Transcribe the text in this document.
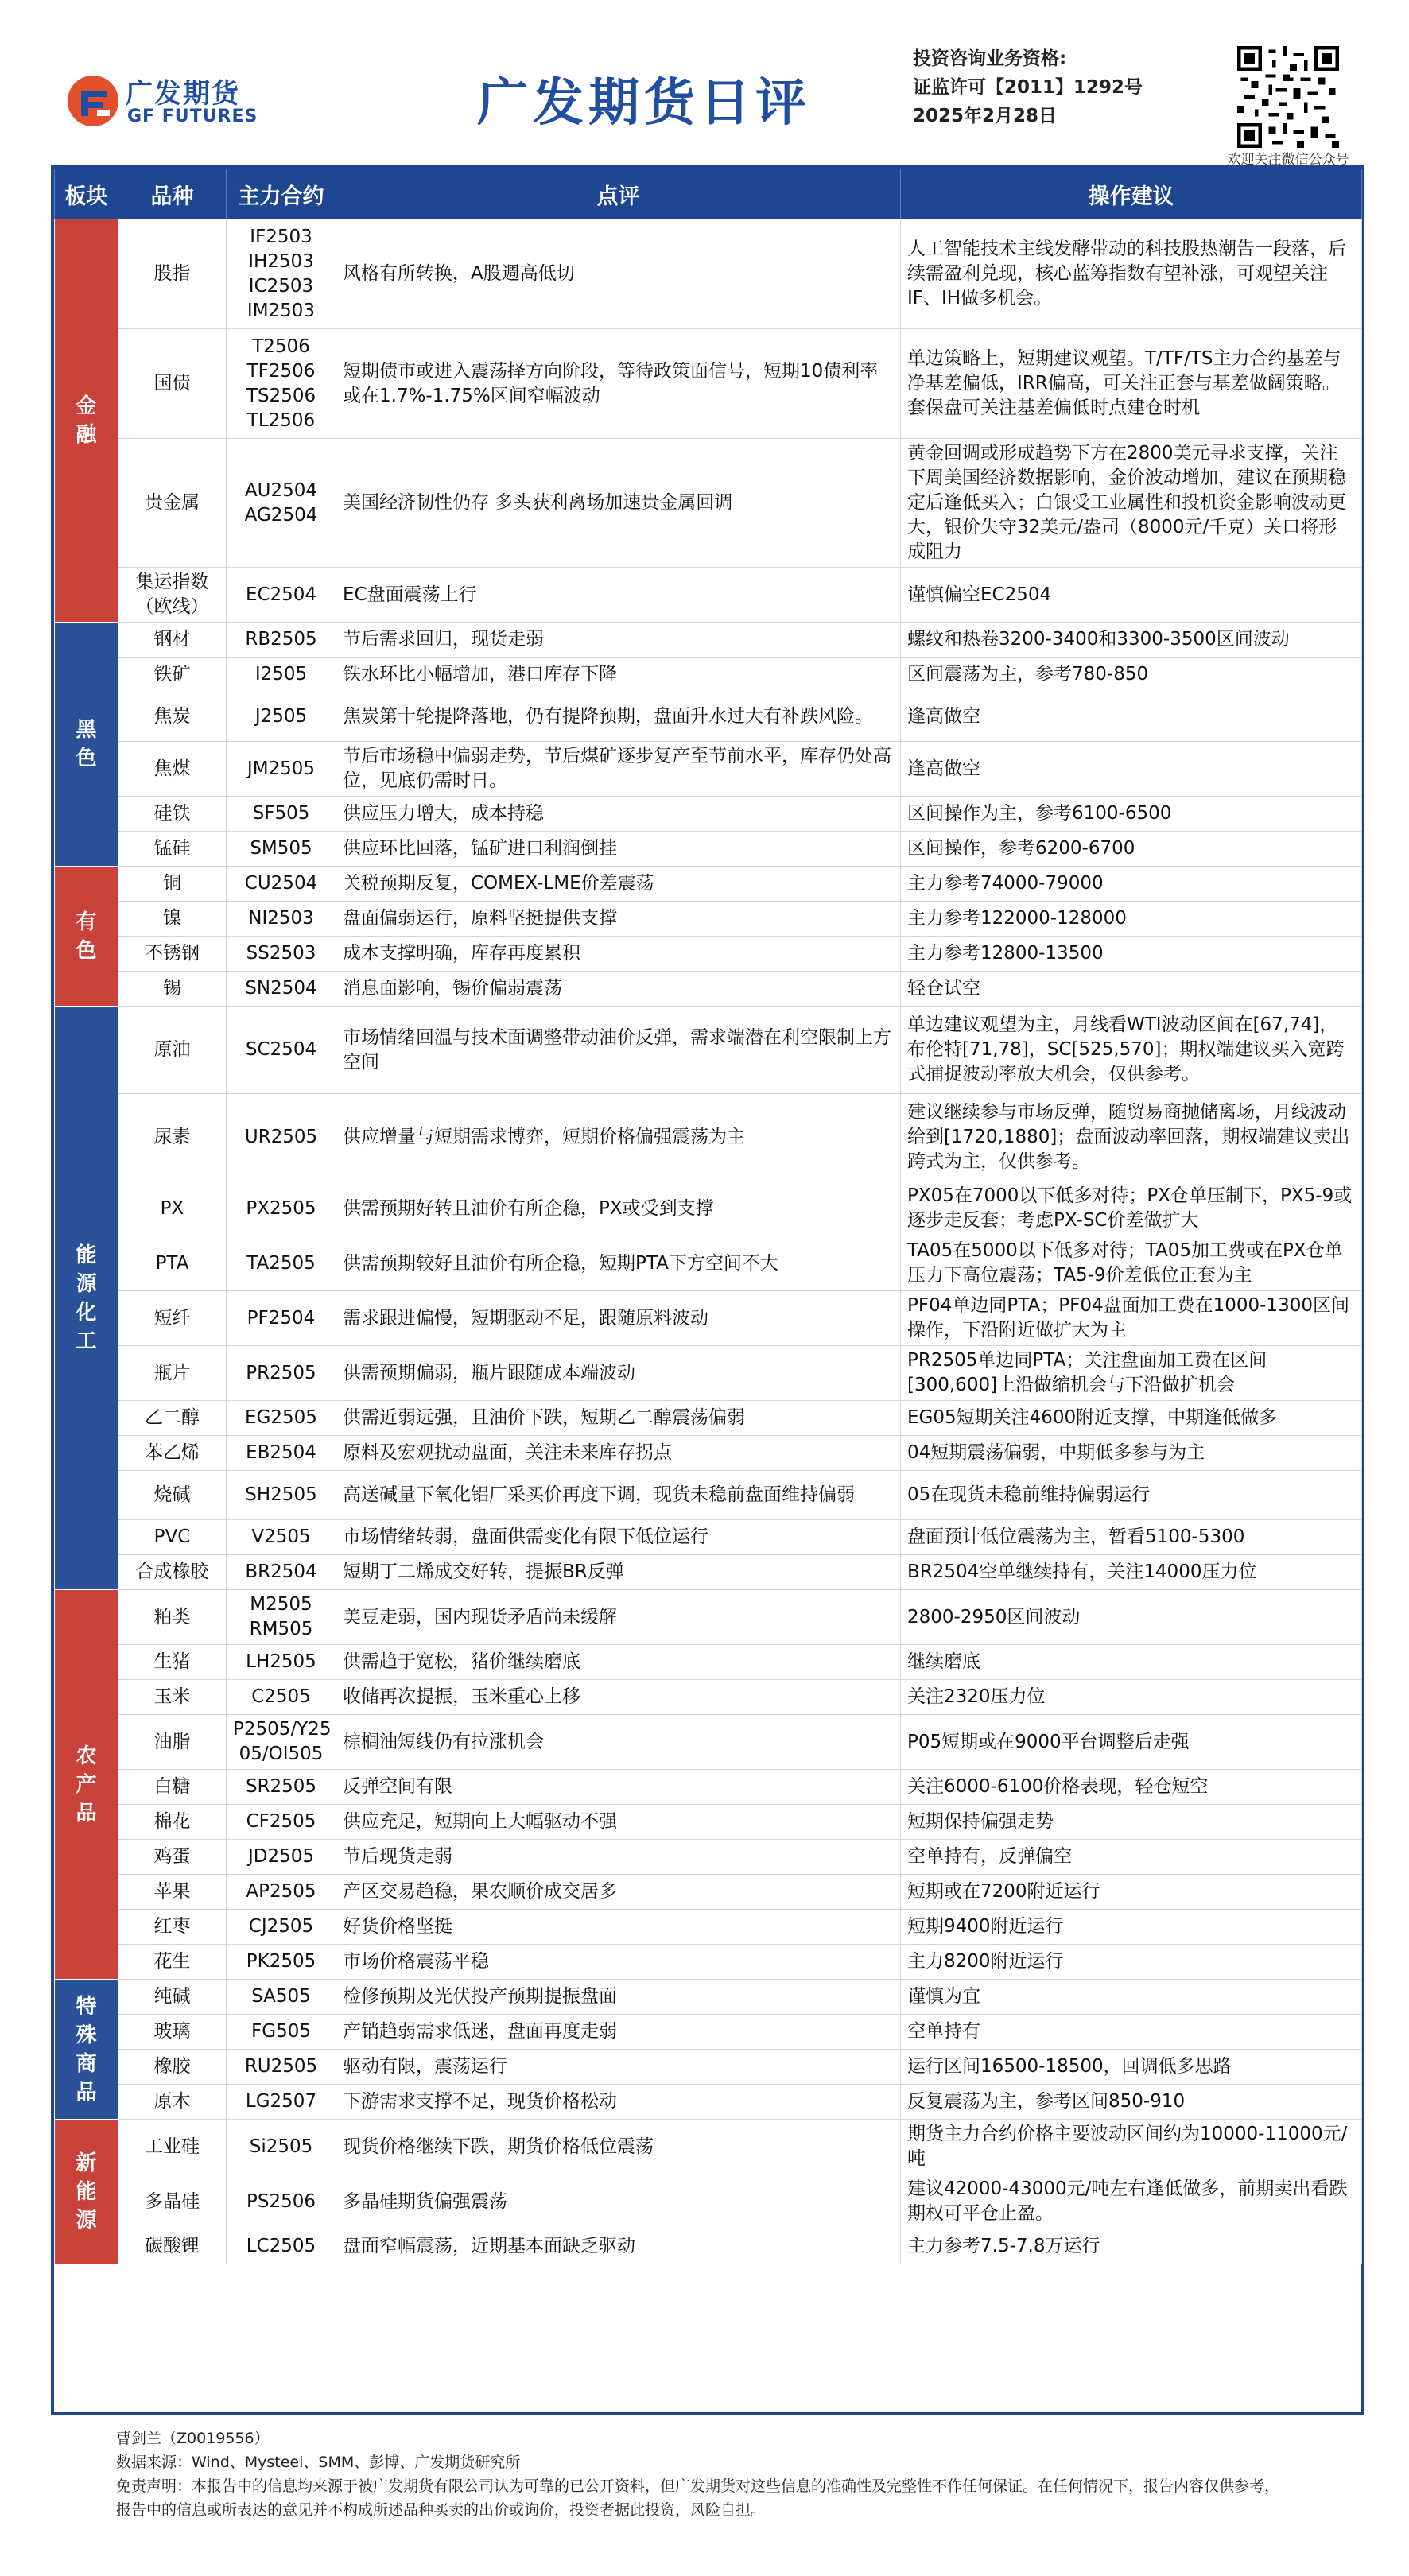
广发期货
GF FUTURES	广发期货日评
投资咨询业务资格:
证监许可【2011】1292号
2025年2月28日
欢迎关注微信公众号
板块	品种	主力合约	点评	操作建议
金融	股指	IF2503
IH2503
IC2503
IM2503	风格有所转换，A股週高低切	人工智能技术主线发酵带动的科技股热潮告一段落，后续需盈利兑现，核心蓝筹指数有望补涨，可观望关注IF、IH做多机会。
	国债	T2506
TF2506
TS2506
TL2506	短期债市或进入震荡择方向阶段，等待政策面信号，短期10债利率或在1.7%-1.75%区间窄幅波动	单边策略上，短期建议观望。T/TF/TS主力合约基差与净基差偏低，IRR偏高，可关注正套与基差做阔策略。套保盘可关注基差偏低时点建仓时机
	贵金属	AU2504
AG2504	美国经济韧性仍存 多头获利离场加速贵金属回调	黄金回调或形成趋势下方在2800美元寻求支撑，关注下周美国经济数据影响，金价波动增加，建议在预期稳定后逢低买入；白银受工业属性和投机资金影响波动更大，银价失守32美元/盎司（8000元/千克）关口将形成阻力
	集运指数（欧线）	EC2504	EC盘面震荡上行	谨慎偏空EC2504
黑色	钢材	RB2505	节后需求回归，现货走弱	螺纹和热卷3200-3400和3300-3500区间波动
	铁矿	I2505	铁水环比小幅增加，港口库存下降	区间震荡为主，参考780-850
	焦炭	J2505	焦炭第十轮提降落地，仍有提降预期，盘面升水过大有补跌风险。	逢高做空
	焦煤	JM2505	节后市场稳中偏弱走势，节后煤矿逐步复产至节前水平，库存仍处高位，见底仍需时日。	逢高做空
	硅铁	SF505	供应压力增大，成本持稳	区间操作为主，参考6100-6500
	锰硅	SM505	供应环比回落，锰矿进口利润倒挂	区间操作，参考6200-6700
有色	铜	CU2504	关税预期反复，COMEX-LME价差震荡	主力参考74000-79000
	镍	NI2503	盘面偏弱运行，原料坚挺提供支撑	主力参考122000-128000
	不锈钢	SS2503	成本支撑明确，库存再度累积	主力参考12800-13500
	锡	SN2504	消息面影响，锡价偏弱震荡	轻仓试空
能源化工	原油	SC2504	市场情绪回温与技术面调整带动油价反弹，需求端潜在利空限制上方空间	单边建议观望为主，月线看WTI波动区间在[67,74]，布伦特[71,78]，SC[525,570]；期权端建议买入宽跨式捕捉波动率放大机会，仅供参考。
	尿素	UR2505	供应增量与短期需求博弈，短期价格偏强震荡为主	建议继续参与市场反弹，随贸易商抛储离场，月线波动给到[1720,1880]；盘面波动率回落，期权端建议卖出跨式为主，仅供参考。
	PX	PX2505	供需预期好转且油价有所企稳，PX或受到支撑	PX05在7000以下低多对待；PX仓单压制下，PX5-9或逐步走反套；考虑PX-SC价差做扩大
	PTA	TA2505	供需预期较好且油价有所企稳，短期PTA下方空间不大	TA05在5000以下低多对待；TA05加工费或在PX仓单压力下高位震荡；TA5-9价差低位正套为主
	短纤	PF2504	需求跟进偏慢，短期驱动不足，跟随原料波动	PF04单边同PTA；PF04盘面加工费在1000-1300区间操作，下沿附近做扩大为主
	瓶片	PR2505	供需预期偏弱，瓶片跟随成本端波动	PR2505单边同PTA；关注盘面加工费在区间[300,600]上沿做缩机会与下沿做扩机会
	乙二醇	EG2505	供需近弱远强，且油价下跌，短期乙二醇震荡偏弱	EG05短期关注4600附近支撑，中期逢低做多
	苯乙烯	EB2504	原料及宏观扰动盘面，关注未来库存拐点	04短期震荡偏弱，中期低多参与为主
	烧碱	SH2505	高送碱量下氧化铝厂采买价再度下调，现货未稳前盘面维持偏弱	05在现货未稳前维持偏弱运行
	PVC	V2505	市场情绪转弱，盘面供需变化有限下低位运行	盘面预计低位震荡为主，暂看5100-5300
	合成橡胶	BR2504	短期丁二烯成交好转，提振BR反弹	BR2504空单继续持有，关注14000压力位
农产品	粕类	M2505
RM505	美豆走弱，国内现货矛盾尚未缓解	2800-2950区间波动
	生猪	LH2505	供需趋于宽松，猪价继续磨底	继续磨底
	玉米	C2505	收储再次提振，玉米重心上移	关注2320压力位
	油脂	P2505/Y25
05/OI505	棕榈油短线仍有拉涨机会	P05短期或在9000平台调整后走强
	白糖	SR2505	反弹空间有限	关注6000-6100价格表现，轻仓短空
	棉花	CF2505	供应充足，短期向上大幅驱动不强	短期保持偏强走势
	鸡蛋	JD2505	节后现货走弱	空单持有，反弹偏空
	苹果	AP2505	产区交易趋稳，果农顺价成交居多	短期或在7200附近运行
	红枣	CJ2505	好货价格坚挺	短期9400附近运行
	花生	PK2505	市场价格震荡平稳	主力8200附近运行
特殊商品	纯碱	SA505	检修预期及光伏投产预期提振盘面	谨慎为宜
	玻璃	FG505	产销趋弱需求低迷，盘面再度走弱	空单持有
	橡胶	RU2505	驱动有限，震荡运行	运行区间16500-18500，回调低多思路
	原木	LG2507	下游需求支撑不足，现货价格松动	反复震荡为主，参考区间850-910
新能源	工业硅	Si2505	现货价格继续下跌，期货价格低位震荡	期货主力合约价格主要波动区间约为10000-11000元/吨
	多晶硅	PS2506	多晶硅期货偏强震荡	建议42000-43000元/吨左右逢低做多，前期卖出看跌期权可平仓止盈。
	碳酸锂	LC2505	盘面窄幅震荡，近期基本面缺乏驱动	主力参考7.5-7.8万运行
曹剑兰（Z0019556）
数据来源：Wind、Mysteel、SMM、彭博、广发期货研究所
免责声明：本报告中的信息均来源于被广发期货有限公司认为可靠的已公开资料，但广发期货对这些信息的准确性及完整性不作任何保证。在任何情况下，报告内容仅供参考，
报告中的信息或所表达的意见并不构成所述品种买卖的出价或询价，投资者据此投资，风险自担。
